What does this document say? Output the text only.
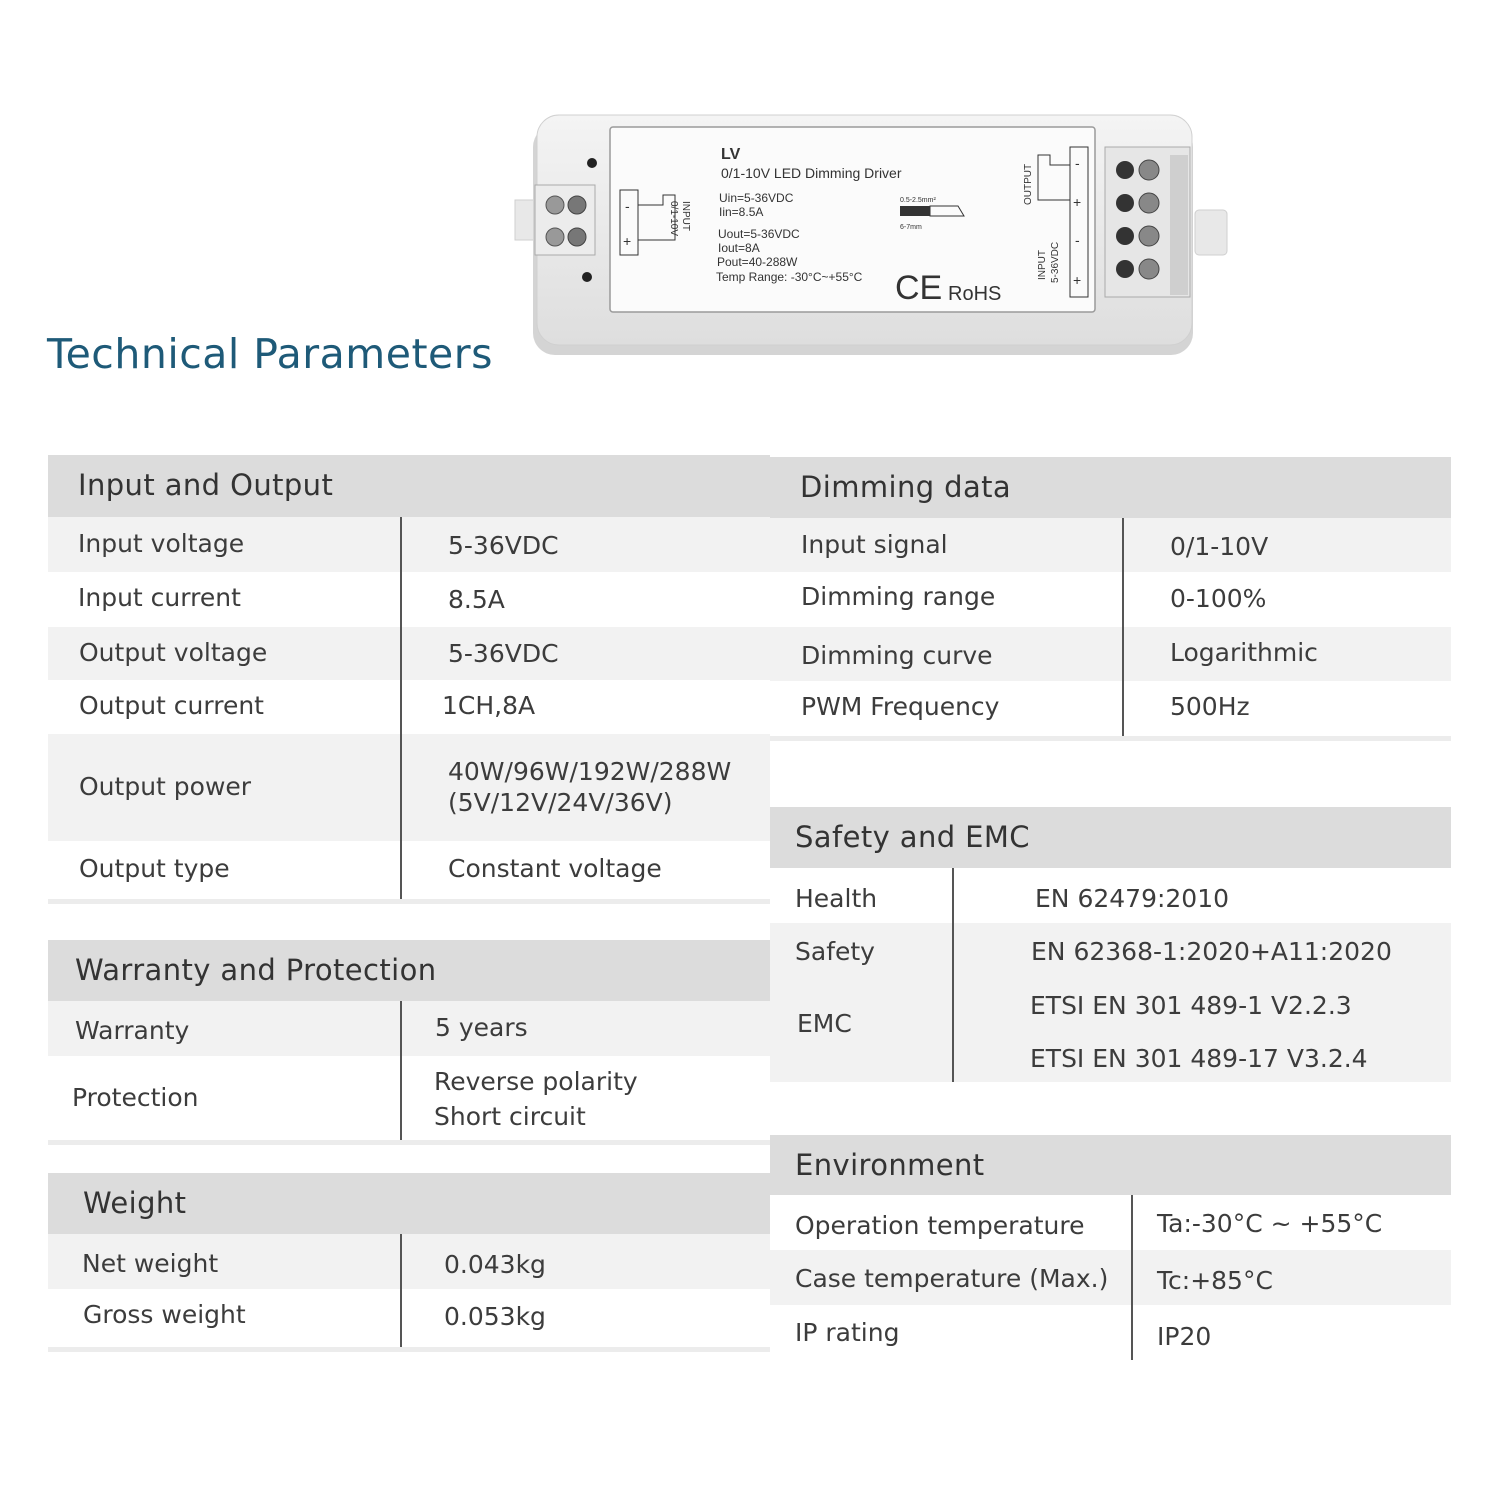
-
+
INPUT
0/1-10V
LV
0/1-10V LED Dimming Driver
Uin=5-36VDC
Iin=8.5A
Uout=5-36VDC
Iout=8A
Pout=40-288W
Temp Range: -30°C~+55°C
0.5-2.5mm²
6-7mm
CE RoHS
-
+
-
+
OUTPUT
INPUT 5-36VDC
Technical Parameters
Input and Output
Input voltage	5-36VDC
Input current	8.5A
Output voltage	5-36VDC
Output current	1CH,8A
Output power
40W/96W/192W/288W
(5V/12V/24V/36V)
Output type	Constant voltage
Dimming data
Input signal	0/1-10V
Dimming range	0-100%
Dimming curve	Logarithmic
PWM Frequency	500Hz
Safety and EMC
Health	EN 62479:2010
Safety	EN 62368-1:2020+A11:2020
EMC
ETSI EN 301 489-1 V2.2.3
ETSI EN 301 489-17 V3.2.4
Warranty and Protection
Warranty	5 years
Protection
Reverse polarity
Short circuit
Environment
Operation temperature	Ta:-30°C ~ +55°C
Case temperature (Max.) Tc:+85°C
IP rating	IP20
Weight
Net weight	0.043kg
Gross weight	0.053kg
